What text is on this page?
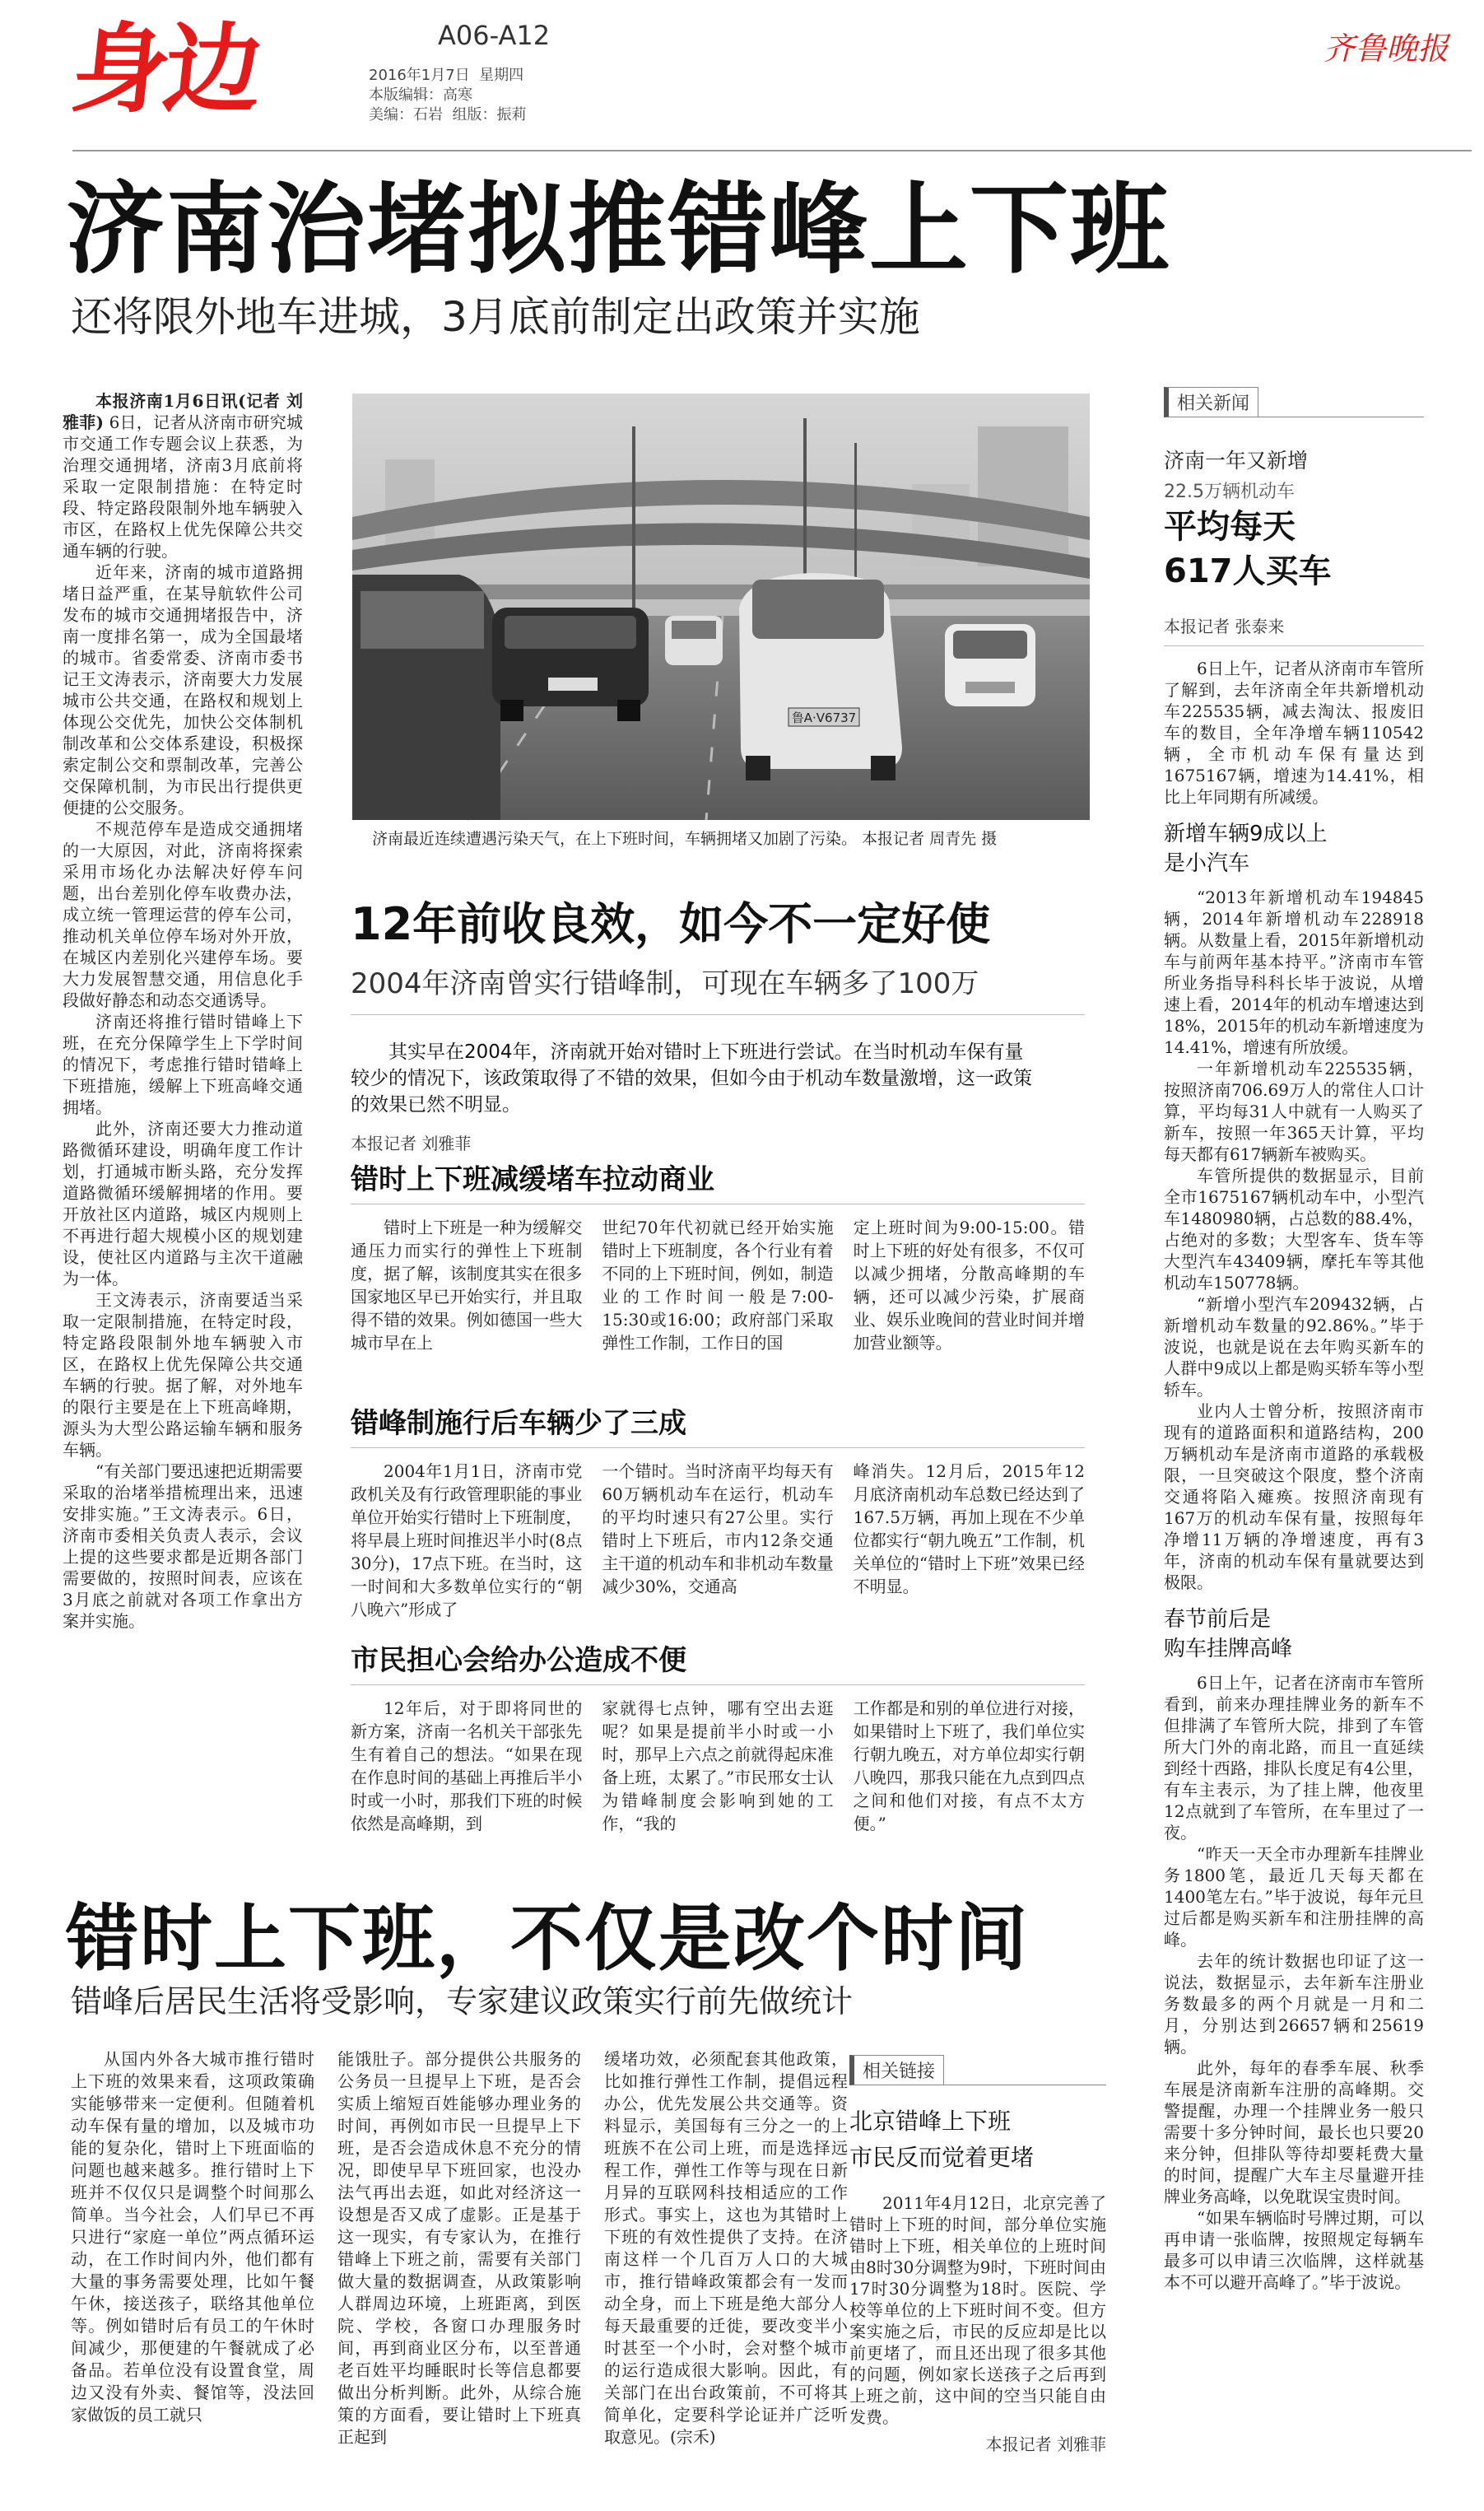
身边	A06-A12
2016年1月7日 星期四
本版编辑：高寒
美编：石岩 组版：振莉
齐鲁晚报
济南治堵拟推错峰上下班
还将限外地车进城，3月底前制定出政策并实施

本报济南1月6日讯(记者 刘雅菲) 6日，记者从济南市研究城市交通工作专题会议上获悉，为治理交通拥堵，济南3月底前将采取一定限制措施：在特定时段、特定路段限制外地车辆驶入市区，在路权上优先保障公共交通车辆的行驶。

近年来，济南的城市道路拥堵日益严重，在某导航软件公司发布的城市交通拥堵报告中，济南一度排名第一，成为全国最堵的城市。省委常委、济南市委书记王文涛表示，济南要大力发展城市公共交通，在路权和规划上体现公交优先，加快公交体制机制改革和公交体系建设，积极探索定制公交和票制改革，完善公交保障机制，为市民出行提供更便捷的公交服务。

不规范停车是造成交通拥堵的一大原因，对此，济南将探索采用市场化办法解决好停车问题，出台差别化停车收费办法，成立统一管理运营的停车公司，推动机关单位停车场对外开放，在城区内差别化兴建停车场。要大力发展智慧交通，用信息化手段做好静态和动态交通诱导。

济南还将推行错时错峰上下班，在充分保障学生上下学时间的情况下，考虑推行错时错峰上下班措施，缓解上下班高峰交通拥堵。

此外，济南还要大力推动道路微循环建设，明确年度工作计划，打通城市断头路，充分发挥道路微循环缓解拥堵的作用。要开放社区内道路，城区内规则上不再进行超大规模小区的规划建设，使社区内道路与主次干道融为一体。

王文涛表示，济南要适当采取一定限制措施，在特定时段，特定路段限制外地车辆驶入市区，在路权上优先保障公共交通车辆的行驶。据了解，对外地车的限行主要是在上下班高峰期，源头为大型公路运输车辆和服务车辆。

“有关部门要迅速把近期需要采取的治堵举措梳理出来，迅速安排实施。”王文涛表示。6日，济南市委相关负责人表示，会议上提的这些要求都是近期各部门需要做的，按照时间表，应该在3月底之前就对各项工作拿出方案并实施。

鲁A·V6737
济南最近连续遭遇污染天气，在上下班时间，车辆拥堵又加剧了污染。 本报记者 周青先 摄
12年前收良效，如今不一定好使
2004年济南曾实行错峰制，可现在车辆多了100万
其实早在2004年，济南就开始对错时上下班进行尝试。在当时机动车保有量较少的情况下，该政策取得了不错的效果，但如今由于机动车数量激增，这一政策的效果已然不明显。
本报记者 刘雅菲
错时上下班减缓堵车拉动商业
错时上下班是一种为缓解交通压力而实行的弹性上下班制度，据了解，该制度其实在很多国家地区早已开始实行，并且取得不错的效果。例如德国一些大城市早在上
世纪70年代初就已经开始实施错时上下班制度，各个行业有着不同的上下班时间，例如，制造业的工作时间一般是7:00-15:30或16:00；政府部门采取弹性工作制，工作日的国
定上班时间为9:00-15:00。错时上下班的好处有很多，不仅可以减少拥堵，分散高峰期的车辆，还可以减少污染，扩展商业、娱乐业晚间的营业时间并增加营业额等。
错峰制施行后车辆少了三成
2004年1月1日，济南市党政机关及有行政管理职能的事业单位开始实行错时上下班制度，将早晨上班时间推迟半小时(8点30分)，17点下班。在当时，这一时间和大多数单位实行的“朝八晚六”形成了
一个错时。当时济南平均每天有60万辆机动车在运行，机动车的平均时速只有27公里。实行错时上下班后，市内12条交通主干道的机动车和非机动车数量减少30%，交通高
峰消失。12月后，2015年12月底济南机动车总数已经达到了167.5万辆，再加上现在不少单位都实行“朝九晚五”工作制，机关单位的“错时上下班”效果已经不明显。
市民担心会给办公造成不便
12年后，对于即将同世的新方案，济南一名机关干部张先生有着自己的想法。“如果在现在作息时间的基础上再推后半小时或一小时，那我们下班的时候依然是高峰期，到
家就得七点钟，哪有空出去逛呢？如果是提前半小时或一小时，那早上六点之前就得起床准备上班，太累了。”市民邢女士认为错峰制度会影响到她的工作，“我的
工作都是和别的单位进行对接，如果错时上下班了，我们单位实行朝九晚五，对方单位却实行朝八晚四，那我只能在九点到四点之间和他们对接，有点不太方便。”
相关新闻
济南一年又新增
22.5万辆机动车
平均每天
617人买车
本报记者 张泰来

6日上午，记者从济南市车管所了解到，去年济南全年共新增机动车225535辆，减去淘汰、报废旧车的数目，全年净增车辆110542辆，全市机动车保有量达到1675167辆，增速为14.41%，相比上年同期有所减缓。

新增车辆9成以上
是小汽车

“2013年新增机动车194845辆，2014年新增机动车228918辆。从数量上看，2015年新增机动车与前两年基本持平。”济南市车管所业务指导科科长毕于波说，从增速上看，2014年的机动车增速达到18%，2015年的机动车新增速度为14.41%，增速有所放缓。

一年新增机动车225535辆，按照济南706.69万人的常住人口计算，平均每31人中就有一人购买了新车，按照一年365天计算，平均每天都有617辆新车被购买。

车管所提供的数据显示，目前全市1675167辆机动车中，小型汽车1480980辆，占总数的88.4%，占绝对的多数；大型客车、货车等大型汽车43409辆，摩托车等其他机动车150778辆。

“新增小型汽车209432辆，占新增机动车数量的92.86%。”毕于波说，也就是说在去年购买新车的人群中9成以上都是购买轿车等小型轿车。

业内人士曾分析，按照济南市现有的道路面积和道路结构，200万辆机动车是济南市道路的承载极限，一旦突破这个限度，整个济南交通将陷入瘫痪。按照济南现有167万的机动车保有量，按照每年净增11万辆的净增速度，再有3年，济南的机动车保有量就要达到极限。

春节前后是
购车挂牌高峰

6日上午，记者在济南市车管所看到，前来办理挂牌业务的新车不但排满了车管所大院，排到了车管所大门外的南北路，而且一直延续到经十西路，排队长度足有4公里，有车主表示，为了挂上牌，他夜里12点就到了车管所，在车里过了一夜。

“昨天一天全市办理新车挂牌业务1800笔，最近几天每天都在1400笔左右。”毕于波说，每年元旦过后都是购买新车和注册挂牌的高峰。

去年的统计数据也印证了这一说法，数据显示，去年新车注册业务数最多的两个月就是一月和二月，分别达到26657辆和25619辆。

此外，每年的春季车展、秋季车展是济南新车注册的高峰期。交警提醒，办理一个挂牌业务一般只需要十多分钟时间，最长也只要20来分钟，但排队等待却要耗费大量的时间，提醒广大车主尽量避开挂牌业务高峰，以免耽误宝贵时间。

“如果车辆临时号牌过期，可以再申请一张临牌，按照规定每辆车最多可以申请三次临牌，这样就基本不可以避开高峰了。”毕于波说。

错时上下班，不仅是改个时间
错峰后居民生活将受影响，专家建议政策实行前先做统计
从国内外各大城市推行错时上下班的效果来看，这项政策确实能够带来一定便利。但随着机动车保有量的增加，以及城市功能的复杂化，错时上下班面临的问题也越来越多。推行错时上下班并不仅仅只是调整个时间那么简单。当今社会，人们早已不再只进行“家庭一单位”两点循环运动，在工作时间内外，他们都有大量的事务需要处理，比如午餐午休，接送孩子，联络其他单位等。例如错时后有员工的午休时间减少，那便建的午餐就成了必备品。若单位没有设置食堂，周边又没有外卖、餐馆等，没法回家做饭的员工就只
能饿肚子。部分提供公共服务的公务员一旦提早上下班，是否会实质上缩短百姓能够办理业务的时间，再例如市民一旦提早上下班，是否会造成休息不充分的情况，即使早早下班回家，也没办法气再出去逛，如此对经济这一设想是否又成了虚影。正是基于这一现实，有专家认为，在推行错峰上下班之前，需要有关部门做大量的数据调查，从政策影响人群周边环境，上班距离，到医院、学校，各窗口办理服务时间，再到商业区分布，以至普通老百姓平均睡眠时长等信息都要做出分析判断。此外，从综合施策的方面看，要让错时上下班真正起到
缓堵功效，必须配套其他政策，比如推行弹性工作制，提倡远程办公，优先发展公共交通等。资料显示，美国每有三分之一的上班族不在公司上班，而是选择远程工作，弹性工作等与现在日新月异的互联网科技相适应的工作形式。事实上，这也为其错时上下班的有效性提供了支持。在济南这样一个几百万人口的大城市，推行错峰政策都会有一发而动全身，而上下班是绝大部分人每天最重要的迁徙，要改变半小时甚至一个小时，会对整个城市的运行造成很大影响。因此，有关部门在出台政策前，不可将其简单化，定要科学论证并广泛听取意见。(宗禾)
相关链接
北京错峰上下班
市民反而觉着更堵

2011年4月12日，北京完善了错时上下班的时间，部分单位实施错时上下班，相关单位的上班时间由8时30分调整为9时，下班时间由17时30分调整为18时。医院、学校等单位的上下班时间不变。但方案实施之后，市民的反应却是比以前更堵了，而且还出现了很多其他的问题，例如家长送孩子之后再到上班之前，这中间的空当只能自由发费。

本报记者 刘雅菲
